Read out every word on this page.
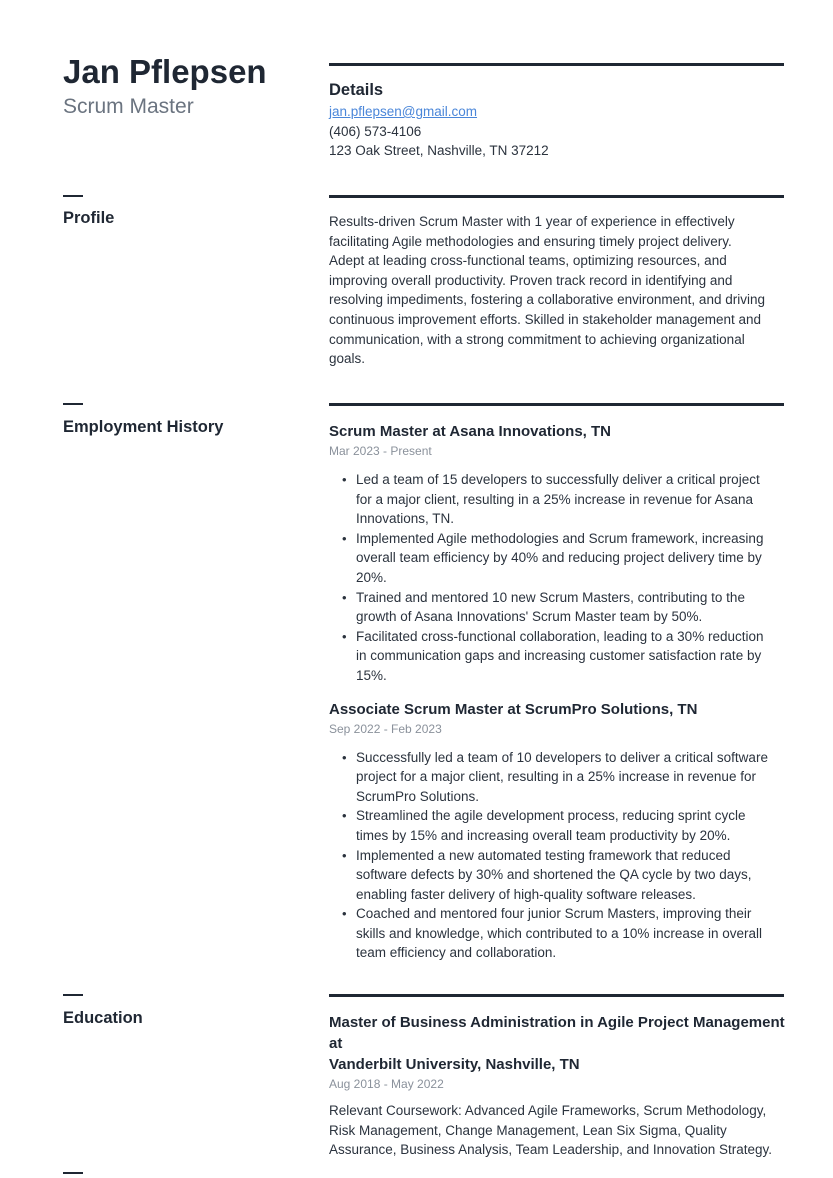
Jan Pflepsen
Scrum Master
Details
jan.pflepsen@gmail.com
(406) 573-4106
123 Oak Street, Nashville, TN 37212
Profile	Results-driven Scrum Master with 1 year of experience in effectively
facilitating Agile methodologies and ensuring timely project delivery.
Adept at leading cross-functional teams, optimizing resources, and
improving overall productivity. Proven track record in identifying and
resolving impediments, fostering a collaborative environment, and driving
continuous improvement efforts. Skilled in stakeholder management and
communication, with a strong commitment to achieving organizational
goals.
Employment History	Scrum Master at Asana Innovations, TN
Mar 2023 - Present
• Led a team of 15 developers to successfully deliver a critical project
for a major client, resulting in a 25% increase in revenue for Asana
Innovations, TN.
• Implemented Agile methodologies and Scrum framework, increasing
overall team efficiency by 40% and reducing project delivery time by
20%.
• Trained and mentored 10 new Scrum Masters, contributing to the
growth of Asana Innovations' Scrum Master team by 50%.
• Facilitated cross-functional collaboration, leading to a 30% reduction
in communication gaps and increasing customer satisfaction rate by
15%.
Associate Scrum Master at ScrumPro Solutions, TN
Sep 2022 - Feb 2023
• Successfully led a team of 10 developers to deliver a critical software
project for a major client, resulting in a 25% increase in revenue for
ScrumPro Solutions.
• Streamlined the agile development process, reducing sprint cycle
times by 15% and increasing overall team productivity by 20%.
• Implemented a new automated testing framework that reduced
software defects by 30% and shortened the QA cycle by two days,
enabling faster delivery of high-quality software releases.
• Coached and mentored four junior Scrum Masters, improving their
skills and knowledge, which contributed to a 10% increase in overall
team efficiency and collaboration.
Education	Master of Business Administration in Agile Project Management at
Vanderbilt University, Nashville, TN
Aug 2018 - May 2022
Relevant Coursework: Advanced Agile Frameworks, Scrum Methodology,
Risk Management, Change Management, Lean Six Sigma, Quality
Assurance, Business Analysis, Team Leadership, and Innovation Strategy.
